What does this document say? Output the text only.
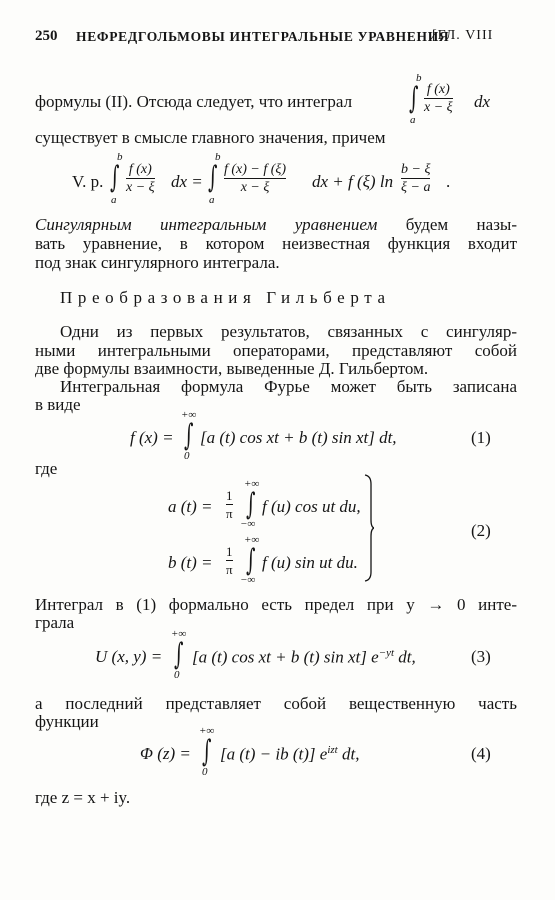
250 НЕФРЕДГОЛЬМОВЫ ИНТЕГРАЛЬНЫЕ УРАВНЕНИЯ
[ГЛ. VIII
формулы (II). Отсюда следует, что интеграл
b
∫
a
f (x)
x − ξ dx
существует в смысле главного значения, причем
V. p.
b
∫
a
f (x)
x − ξ dx =
b
∫
a
f (x) − f (ξ)
x − ξ	dx + f (ξ) ln
b − ξ
ξ − a .
Сингулярным интегральным уравнением будем назы-
вать уравнение, в котором неизвестная функция входит
под знак сингулярного интеграла.
Преобразования Гильберта
Одни из первых результатов, связанных с сингуляр-
ными интегральными операторами, представляют собой
две формулы взаимности, выведенные Д. Гильбертом.
Интегральная формула Фурье может быть записана
в виде
f (x) =
+∞
∫
0
[a (t) cos xt + b (t) sin xt] dt,	(1)
где
a (t) =
1
π
+∞
∫
−∞
f (u) cos ut du,
b (t) =
1
π
+∞
∫
−∞
f (u) sin ut du.
(2)
Интеграл в (1) формально есть предел при y → 0 инте-
грала
U (x, y) =
+∞
∫
0
[a (t) cos xt + b (t) sin xt] $e^{-yt}$ dt,	(3)
а последний представляет собой вещественную часть
функции
Φ (z) =
+∞
∫
0
[a (t) − ib (t)] $e^{izt}$ dt,	(4)
где z = x + iy.
